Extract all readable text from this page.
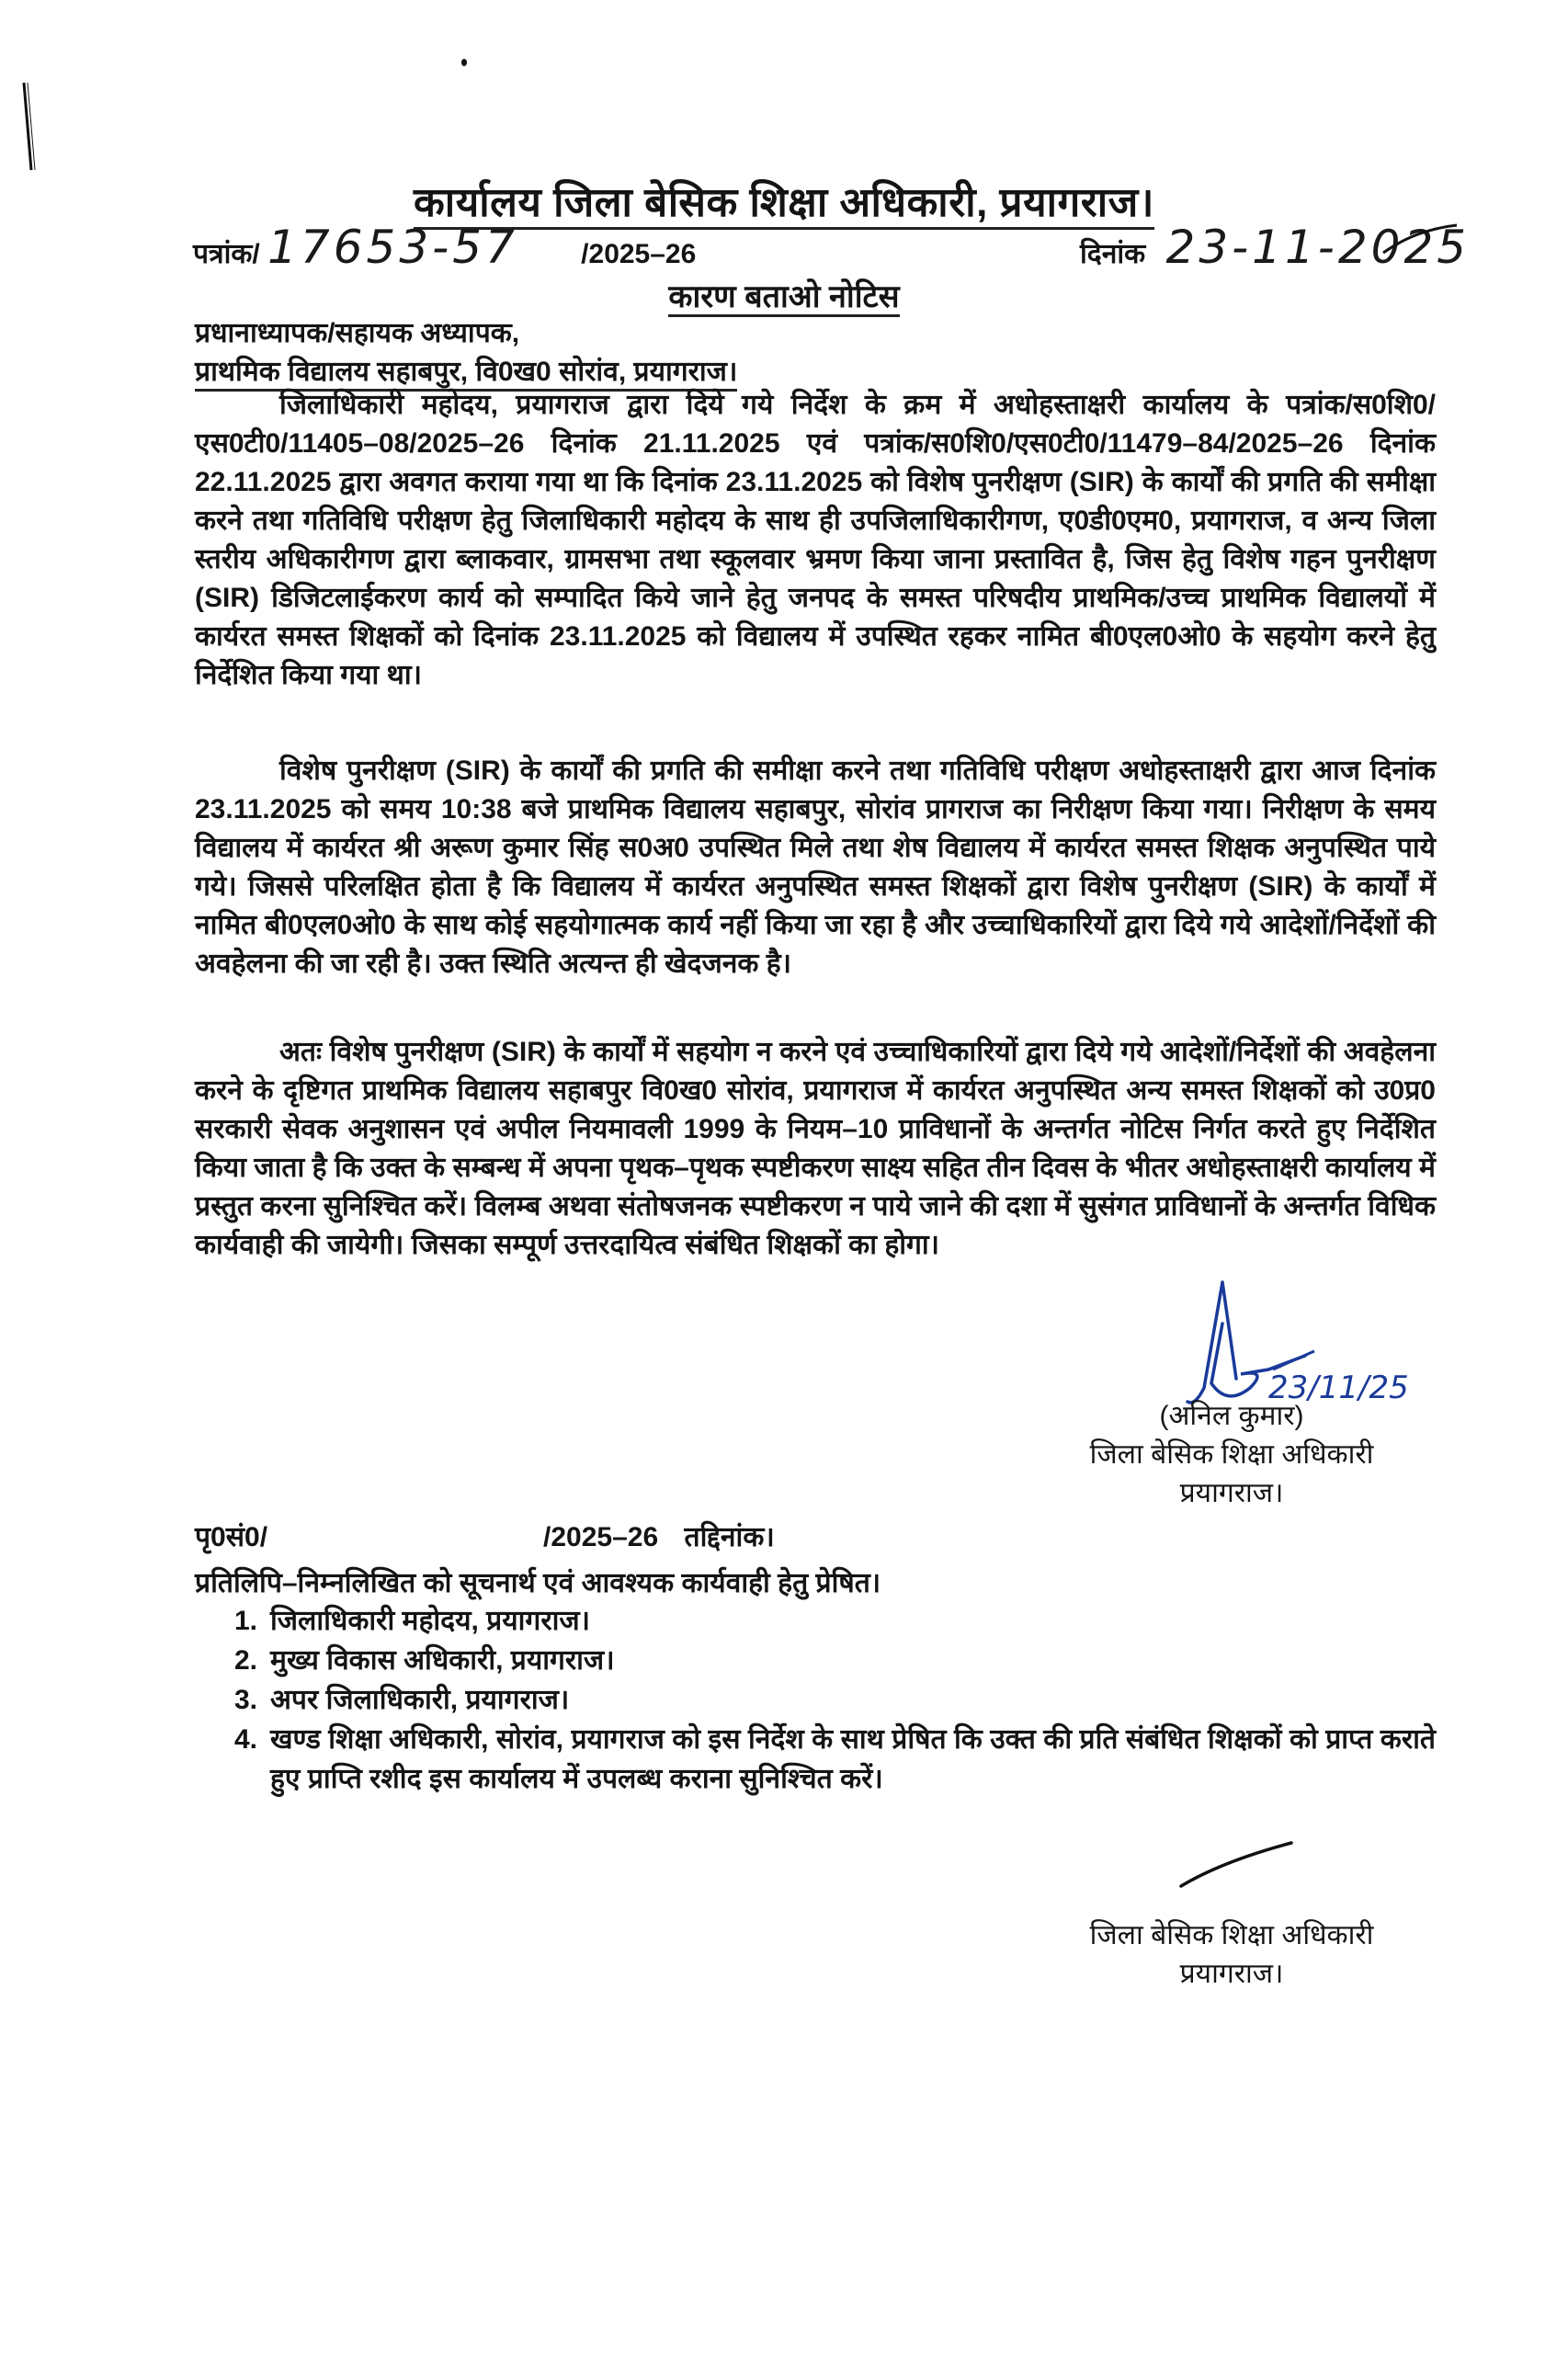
कार्यालय जिला बेसिक शिक्षा अधिकारी, प्रयागराज।
पत्रांक/ 17653-57 /2025–26	दिनांक 23-11-2025
कारण बताओ नोटिस
प्रधानाध्यापक/सहायक अध्यापक,
प्राथमिक विद्यालय सहाबपुर, वि0ख0 सोरांव, प्रयागराज।
जिलाधिकारी महोदय, प्रयागराज द्वारा दिये गये निर्देश के क्रम में अधोहस्ताक्षरी कार्यालय के पत्रांक/स0शि0/एस0टी0/11405–08/2025–26 दिनांक 21.11.2025 एवं पत्रांक/स0शि0/एस0टी0/11479–84/2025–26 दिनांक 22.11.2025 द्वारा अवगत कराया गया था कि दिनांक 23.11.2025 को विशेष पुनरीक्षण (SIR) के कार्यों की प्रगति की समीक्षा करने तथा गतिविधि परीक्षण हेतु जिलाधिकारी महोदय के साथ ही उपजिलाधिकारीगण, ए0डी0एम0, प्रयागराज, व अन्य जिला स्तरीय अधिकारीगण द्वारा ब्लाकवार, ग्रामसभा तथा स्कूलवार भ्रमण किया जाना प्रस्तावित है, जिस हेतु विशेष गहन पुनरीक्षण (SIR) डिजिटलाईकरण कार्य को सम्पादित किये जाने हेतु जनपद के समस्त परिषदीय प्राथमिक/उच्च प्राथमिक विद्यालयों में कार्यरत समस्त शिक्षकों को दिनांक 23.11.2025 को विद्यालय में उपस्थित रहकर नामित बी0एल0ओ0 के सहयोग करने हेतु निर्देशित किया गया था।
विशेष पुनरीक्षण (SIR) के कार्यों की प्रगति की समीक्षा करने तथा गतिविधि परीक्षण अधोहस्ताक्षरी द्वारा आज दिनांक 23.11.2025 को समय 10:38 बजे प्राथमिक विद्यालय सहाबपुर, सोरांव प्रागराज का निरीक्षण किया गया। निरीक्षण के समय विद्यालय में कार्यरत श्री अरूण कुमार सिंह स0अ0 उपस्थित मिले तथा शेष विद्यालय में कार्यरत समस्त शिक्षक अनुपस्थित पाये गये। जिससे परिलक्षित होता है कि विद्यालय में कार्यरत अनुपस्थित समस्त शिक्षकों द्वारा विशेष पुनरीक्षण (SIR) के कार्यों में नामित बी0एल0ओ0 के साथ कोई सहयोगात्मक कार्य नहीं किया जा रहा है और उच्चाधिकारियों द्वारा दिये गये आदेशों/निर्देशों की अवहेलना की जा रही है। उक्त स्थिति अत्यन्त ही खेदजनक है।
अतः विशेष पुनरीक्षण (SIR) के कार्यों में सहयोग न करने एवं उच्चाधिकारियों द्वारा दिये गये आदेशों/निर्देशों की अवहेलना करने के दृष्टिगत प्राथमिक विद्यालय सहाबपुर वि0ख0 सोरांव, प्रयागराज में कार्यरत अनुपस्थित अन्य समस्त शिक्षकों को उ0प्र0 सरकारी सेवक अनुशासन एवं अपील नियमावली 1999 के नियम–10 प्राविधानों के अन्तर्गत नोटिस निर्गत करते हुए निर्देशित किया जाता है कि उक्त के सम्बन्ध में अपना पृथक–पृथक स्पष्टीकरण साक्ष्य सहित तीन दिवस के भीतर अधोहस्ताक्षरी कार्यालय में प्रस्तुत करना सुनिश्चित करें। विलम्ब अथवा संतोषजनक स्पष्टीकरण न पाये जाने की दशा में सुसंगत प्राविधानों के अन्तर्गत विधिक कार्यवाही की जायेगी। जिसका सम्पूर्ण उत्तरदायित्व संबंधित शिक्षकों का होगा।
23/11/25
(अनिल कुमार)
जिला बेसिक शिक्षा अधिकारी
प्रयागराज।
पृ0सं0/	/2025–26 तद्दिनांक।
प्रतिलिपि–निम्नलिखित को सूचनार्थ एवं आवश्यक कार्यवाही हेतु प्रेषित।
1. जिलाधिकारी महोदय, प्रयागराज।
2. मुख्य विकास अधिकारी, प्रयागराज।
3. अपर जिलाधिकारी, प्रयागराज।
4. खण्ड शिक्षा अधिकारी, सोरांव, प्रयागराज को इस निर्देश के साथ प्रेषित कि उक्त की प्रति संबंधित शिक्षकों को प्राप्त कराते हुए प्राप्ति रशीद इस कार्यालय में उपलब्ध कराना सुनिश्चित करें।
जिला बेसिक शिक्षा अधिकारी
प्रयागराज।
